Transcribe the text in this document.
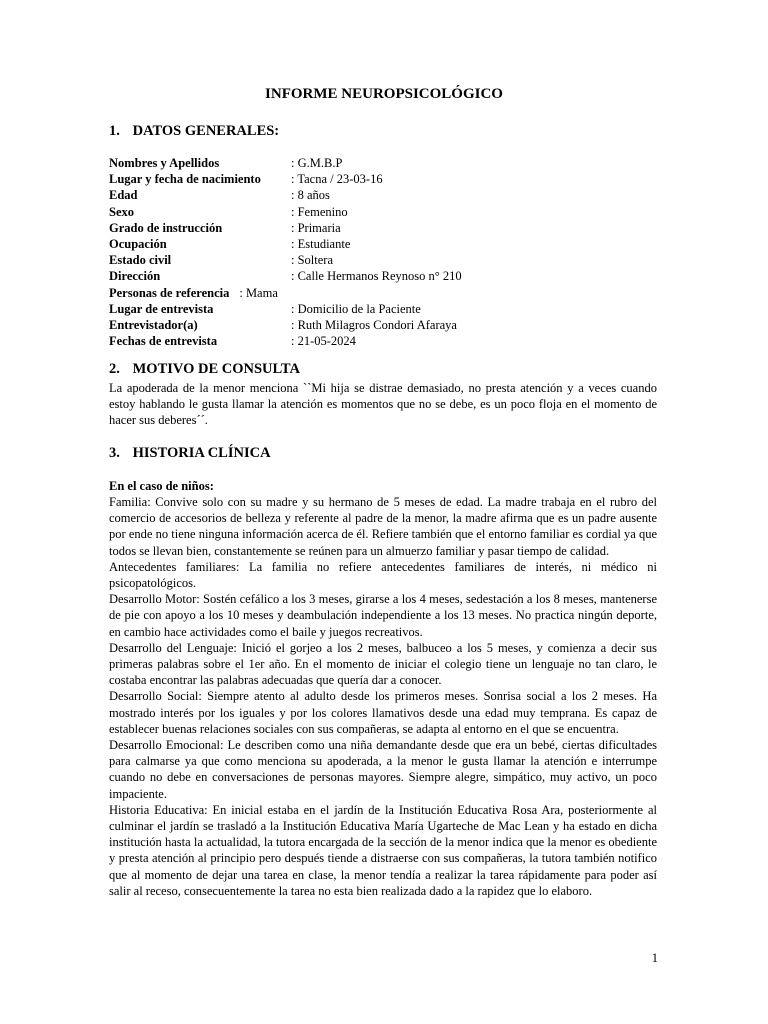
INFORME NEUROPSICOLÓGICO
1. DATOS GENERALES:
Nombres y Apellidos	: G.M.B.P
Lugar y fecha de nacimiento : Tacna / 23-03-16
Edad	: 8 años
Sexo	: Femenino
Grado de instrucción	: Primaria
Ocupación	: Estudiante
Estado civil	: Soltera
Dirección	: Calle Hermanos Reynoso n° 210
Personas de referencia : Mama
Lugar de entrevista	: Domicilio de la Paciente
Entrevistador(a)	: Ruth Milagros Condori Afaraya
Fechas de entrevista	: 21-05-2024
2. MOTIVO DE CONSULTA

La apoderada de la menor menciona ``Mi hija se distrae demasiado, no presta atención y a veces cuando estoy hablando le gusta llamar la atención es momentos que no se debe, es un poco floja en el momento de hacer sus deberes´´.

3. HISTORIA CLÍNICA
En el caso de niños:

Familia: Convive solo con su madre y su hermano de 5 meses de edad. La madre trabaja en el rubro del comercio de accesorios de belleza y referente al padre de la menor, la madre afirma que es un padre ausente por ende no tiene ninguna información acerca de él. Refiere también que el entorno familiar es cordial ya que todos se llevan bien, constantemente se reúnen para un almuerzo familiar y pasar tiempo de calidad.

Antecedentes familiares: La familia no refiere antecedentes familiares de interés, ni médico ni psicopatológicos.

Desarrollo Motor: Sostén cefálico a los 3 meses, girarse a los 4 meses, sedestación a los 8 meses, mantenerse de pie con apoyo a los 10 meses y deambulación independiente a los 13 meses. No practica ningún deporte, en cambio hace actividades como el baile y juegos recreativos.

Desarrollo del Lenguaje: Inició el gorjeo a los 2 meses, balbuceo a los 5 meses, y comienza a decir sus primeras palabras sobre el 1er año. En el momento de iniciar el colegio tiene un lenguaje no tan claro, le costaba encontrar las palabras adecuadas que quería dar a conocer.

Desarrollo Social: Siempre atento al adulto desde los primeros meses. Sonrisa social a los 2 meses. Ha mostrado interés por los iguales y por los colores llamativos desde una edad muy temprana. Es capaz de establecer buenas relaciones sociales con sus compañeras, se adapta al entorno en el que se encuentra.

Desarrollo Emocional: Le describen como una niña demandante desde que era un bebé, ciertas dificultades para calmarse ya que como menciona su apoderada, a la menor le gusta llamar la atención e interrumpe cuando no debe en conversaciones de personas mayores. Siempre alegre, simpático, muy activo, un poco impaciente.

Historia Educativa: En inicial estaba en el jardín de la Institución Educativa Rosa Ara, posteriormente al culminar el jardín se trasladó a la Institución Educativa María Ugarteche de Mac Lean y ha estado en dicha institución hasta la actualidad, la tutora encargada de la sección de la menor indica que la menor es obediente y presta atención al principio pero después tiende a distraerse con sus compañeras, la tutora también notifico que al momento de dejar una tarea en clase, la menor tendía a realizar la tarea rápidamente para poder así salir al receso, consecuentemente la tarea no esta bien realizada dado a la rapidez que lo elaboro.

1
